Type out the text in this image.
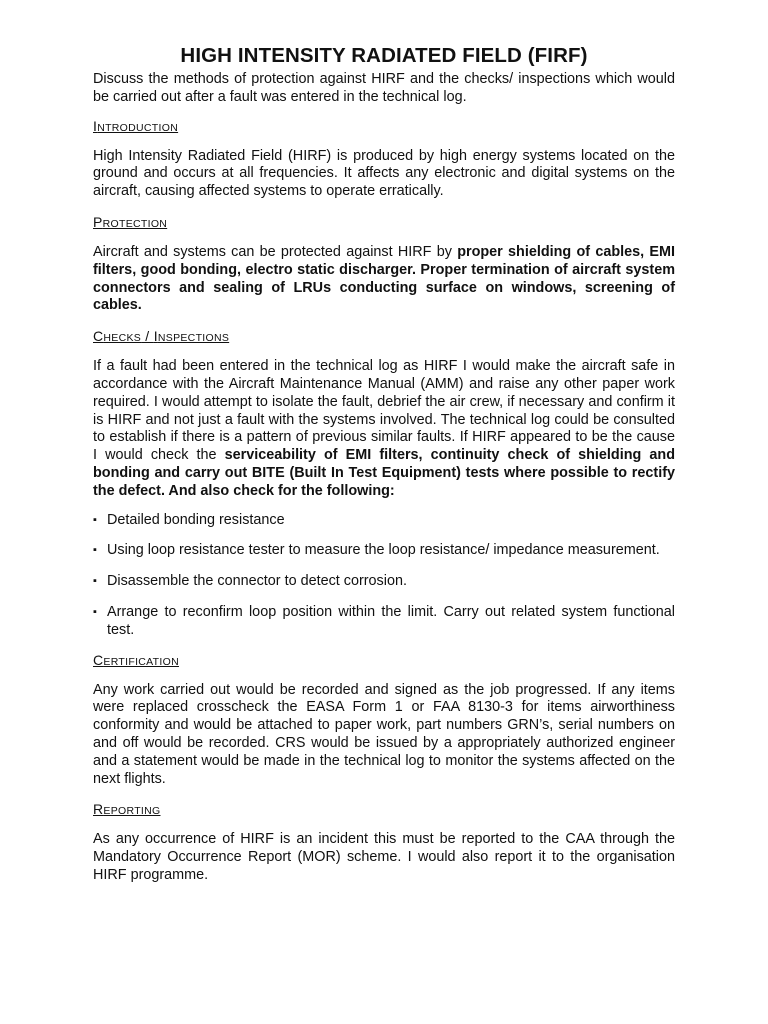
HIGH INTENSITY RADIATED FIELD (FIRF)

Discuss the methods of protection against HIRF and the checks/ inspections which would be carried out after a fault was entered in the technical log.

INTRODUCTION

High Intensity Radiated Field (HIRF) is produced by high energy systems located on the ground and occurs at all frequencies. It affects any electronic and digital systems on the aircraft, causing affected systems to operate erratically.

PROTECTION

Aircraft and systems can be protected against HIRF by proper shielding of cables, EMI filters, good bonding, electro static discharger. Proper termination of aircraft system connectors and sealing of LRUs conducting surface on windows, screening of cables.

CHECKS / INSPECTIONS

If a fault had been entered in the technical log as HIRF I would make the aircraft safe in accordance with the Aircraft Maintenance Manual (AMM) and raise any other paper work required. I would attempt to isolate the fault, debrief the air crew, if necessary and confirm it is HIRF and not just a fault with the systems involved. The technical log could be consulted to establish if there is a pattern of previous similar faults. If HIRF appeared to be the cause I would check the serviceability of EMI filters, continuity check of shielding and bonding and carry out BITE (Built In Test Equipment) tests where possible to rectify the defect. And also check for the following:

▪ Detailed bonding resistance
▪ Using loop resistance tester to measure the loop resistance/ impedance measurement.
▪ Disassemble the connector to detect corrosion.
▪ Arrange to reconfirm loop position within the limit. Carry out related system functional test.
CERTIFICATION

Any work carried out would be recorded and signed as the job progressed. If any items were replaced crosscheck the EASA Form 1 or FAA 8130-3 for items airworthiness conformity and would be attached to paper work, part numbers GRN’s, serial numbers on and off would be recorded. CRS would be issued by a appropriately authorized engineer and a statement would be made in the technical log to monitor the systems affected on the next flights.

REPORTING

As any occurrence of HIRF is an incident this must be reported to the CAA through the Mandatory Occurrence Report (MOR) scheme. I would also report it to the organisation HIRF programme.
